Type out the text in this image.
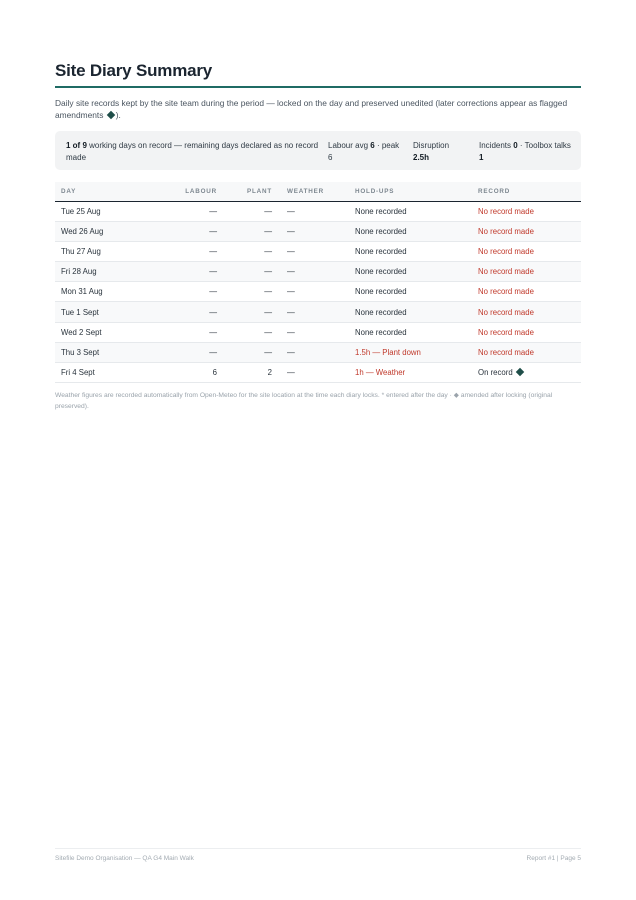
Site Diary Summary

Daily site records kept by the site team during the period — locked on the day and preserved unedited (later corrections appear as flagged amendments ).

1 of 9 working days on record — remaining days declared as no record made
Labour avg 6 · peak 6
Disruption
2.5h
Incidents 0 · Toolbox talks 1
DAY	LABOUR	PLANT	WEATHER	HOLD-UPS	RECORD
Tue 25 Aug	—	—	—	None recorded	No record made
Wed 26 Aug	—	—	—	None recorded	No record made
Thu 27 Aug	—	—	—	None recorded	No record made
Fri 28 Aug	—	—	—	None recorded	No record made
Mon 31 Aug	—	—	—	None recorded	No record made
Tue 1 Sept	—	—	—	None recorded	No record made
Wed 2 Sept	—	—	—	None recorded	No record made
Thu 3 Sept	—	—	—	1.5h — Plant down	No record made
Fri 4 Sept	6	2	—	1h — Weather	On record

Weather figures are recorded automatically from Open-Meteo for the site location at the time each diary locks. * entered after the day · ◆ amended after locking (original preserved).

Sitefile Demo Organisation — QA G4 Main Walk	Report #1 | Page 5
